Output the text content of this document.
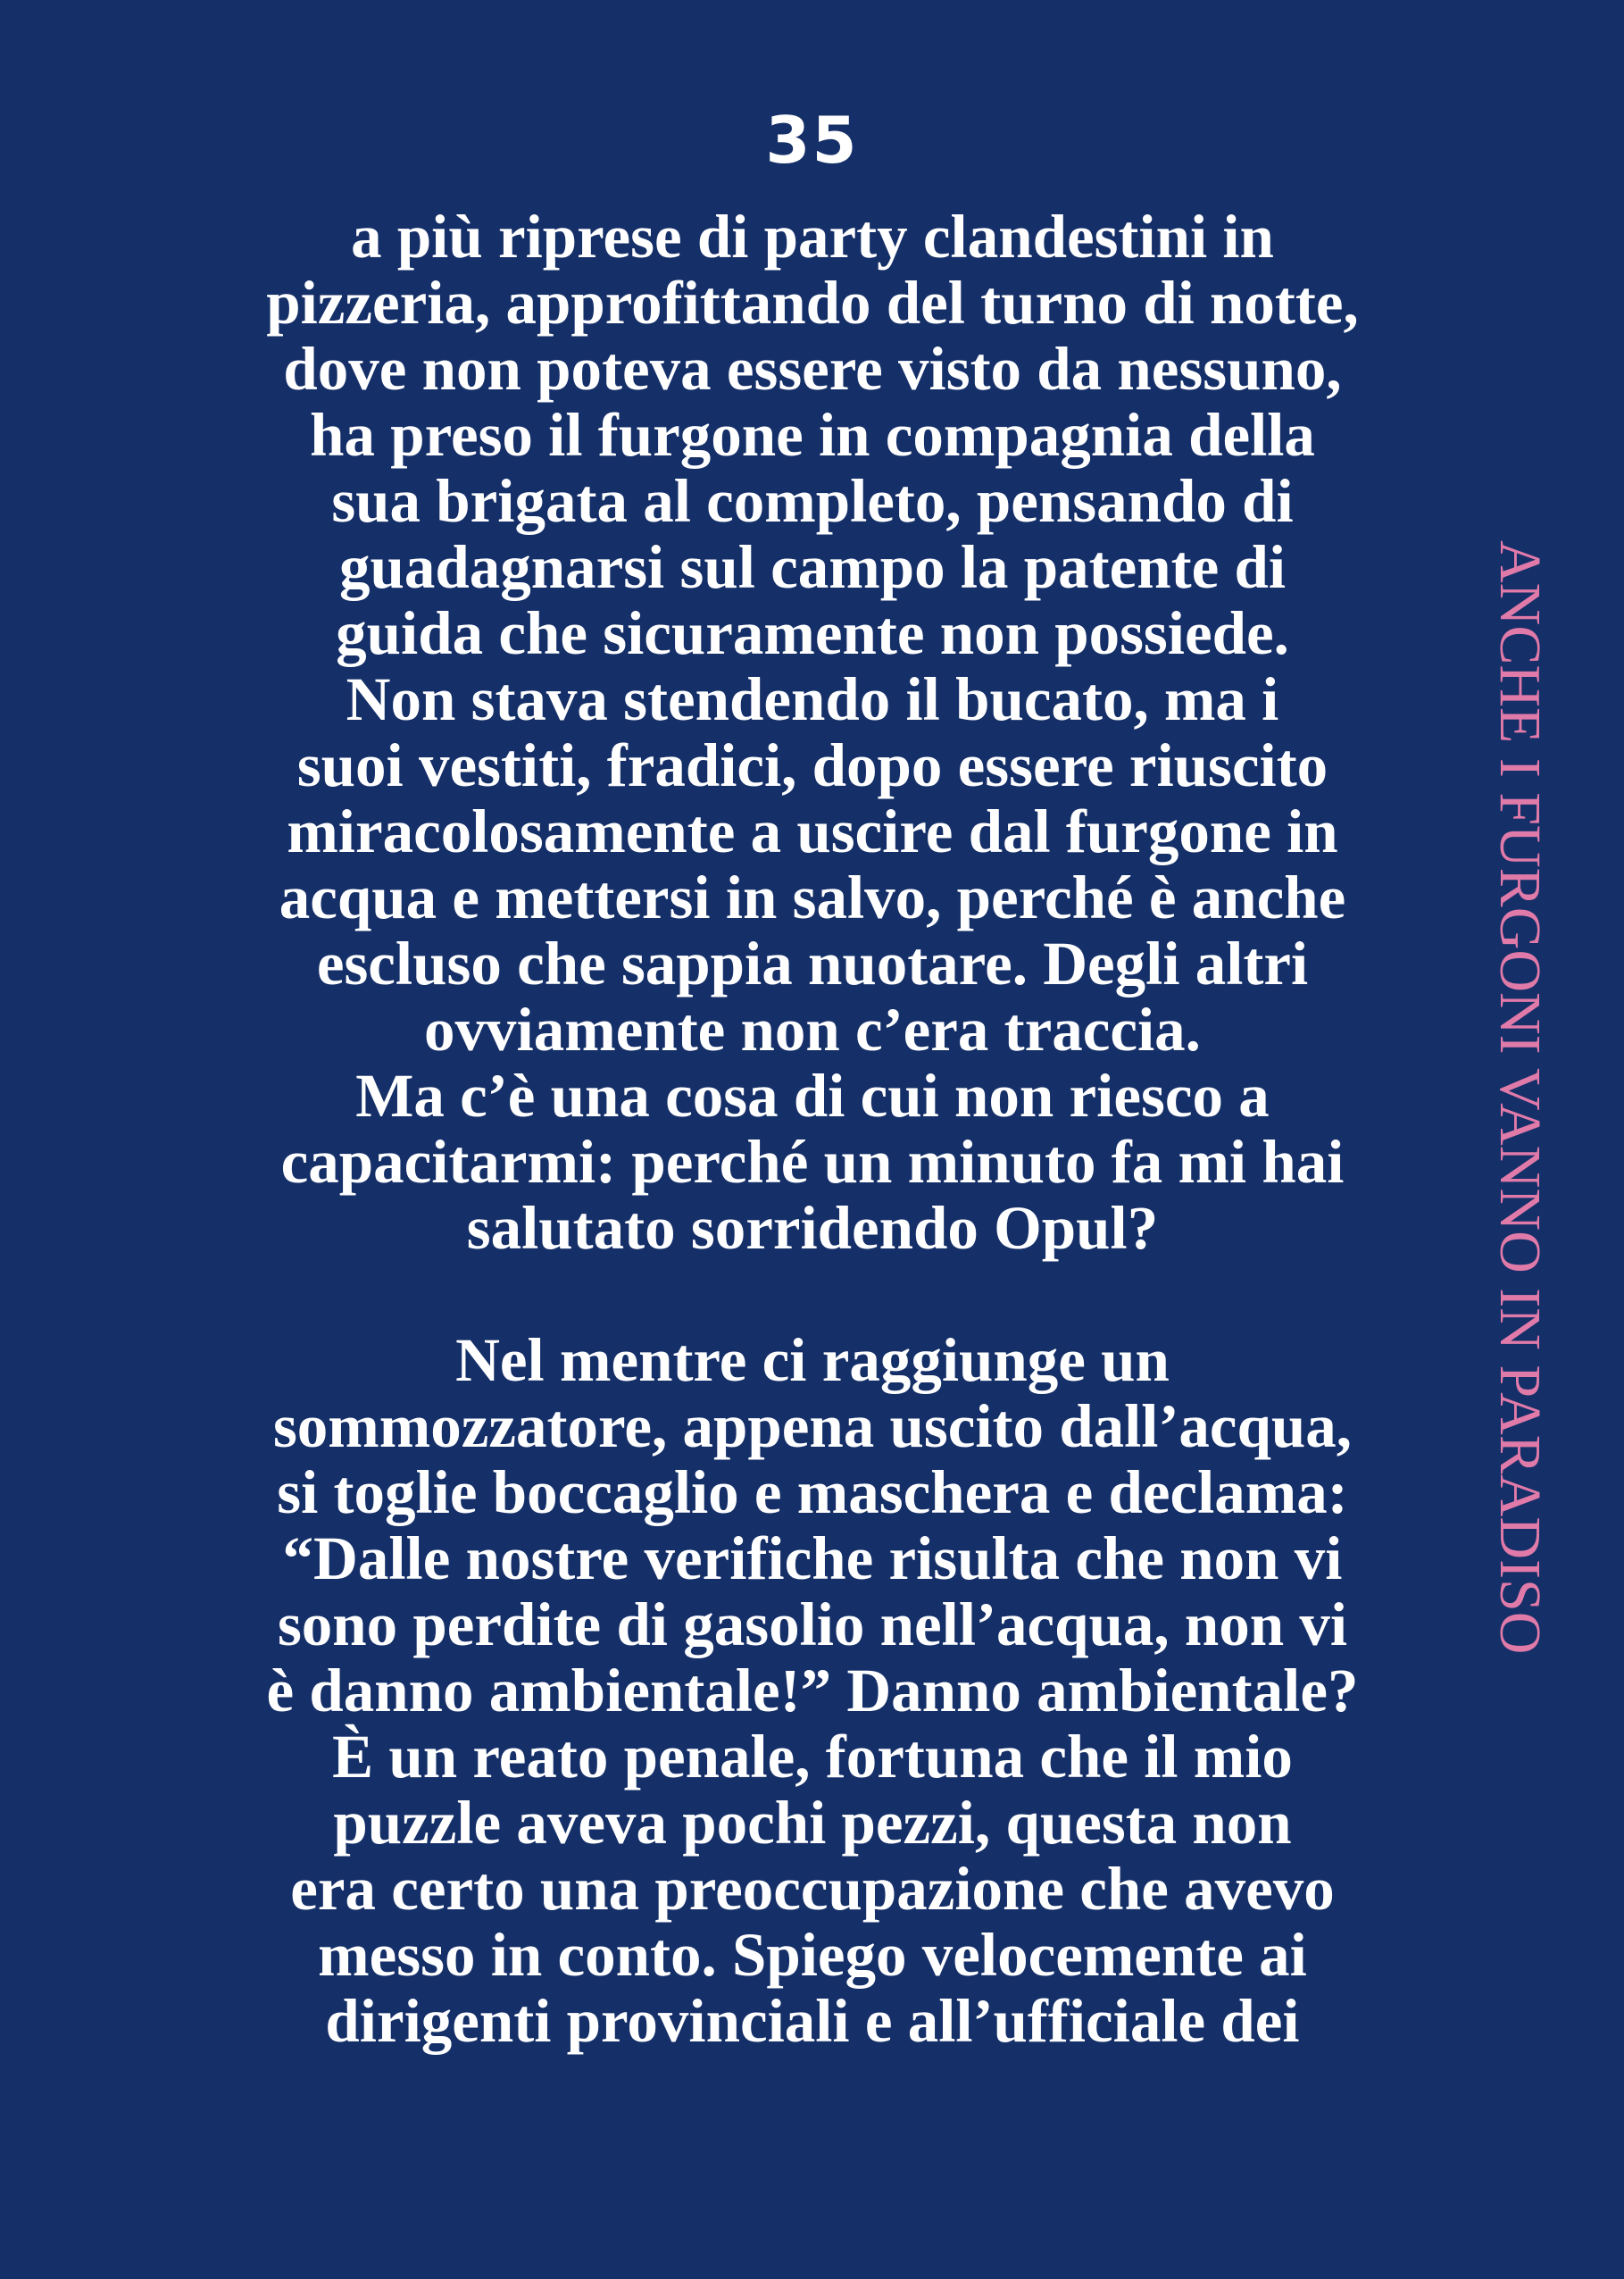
35
a più riprese di party clandestini in
pizzeria, approfittando del turno di notte,
dove non poteva essere visto da nessuno,
ha preso il furgone in compagnia della
sua brigata al completo, pensando di
guadagnarsi sul campo la patente di
guida che sicuramente non possiede.
Non stava stendendo il bucato, ma i
suoi vestiti, fradici, dopo essere riuscito
miracolosamente a uscire dal furgone in
acqua e mettersi in salvo, perché è anche
escluso che sappia nuotare. Degli altri
ovviamente non c’era traccia.
Ma c’è una cosa di cui non riesco a
capacitarmi: perché un minuto fa mi hai
salutato sorridendo Opul?
Nel mentre ci raggiunge un
sommozzatore, appena uscito dall’acqua,
si toglie boccaglio e maschera e declama:
“Dalle nostre verifiche risulta che non vi
sono perdite di gasolio nell’acqua, non vi
è danno ambientale!” Danno ambientale?
È un reato penale, fortuna che il mio
puzzle aveva pochi pezzi, questa non
era certo una preoccupazione che avevo
messo in conto. Spiego velocemente ai
dirigenti provinciali e all’ufficiale dei
ANCHE I FURGONI VANNO IN PARADISO
